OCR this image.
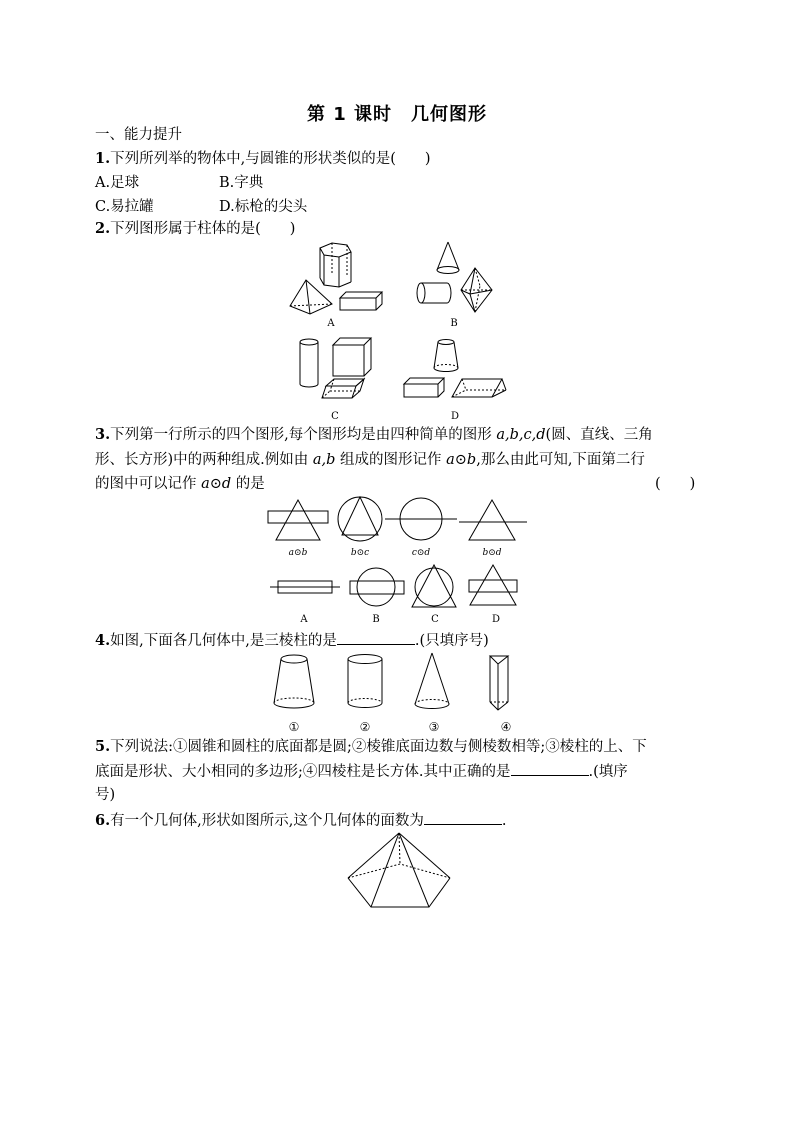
第 1 课时　几何图形
一、能力提升
1.下列所列举的物体中,与圆锥的形状类似的是(　　)
A.足球	B.字典
C.易拉罐	D.标枪的尖头
2.下列图形属于柱体的是(　　)
A	B
C	D
3.下列第一行所示的四个图形,每个图形均是由四种简单的图形 a,b,c,d(圆、直线、三角
形、长方形)中的两种组成.例如由 a,b 组成的图形记作 a⊙b,那么由此可知,下面第二行
的图中可以记作 a⊙d 的是	(　　)
a⊙b	b⊙c	c⊙d	b⊙d
A	B	C	D
4.如图,下面各几何体中,是三棱柱的是	.(只填序号)
①	②	③	④
5.下列说法:①圆锥和圆柱的底面都是圆;②棱锥底面边数与侧棱数相等;③棱柱的上、下
底面是形状、大小相同的多边形;④四棱柱是长方体.其中正确的是	.(填序
号)
6.有一个几何体,形状如图所示,这个几何体的面数为	.
